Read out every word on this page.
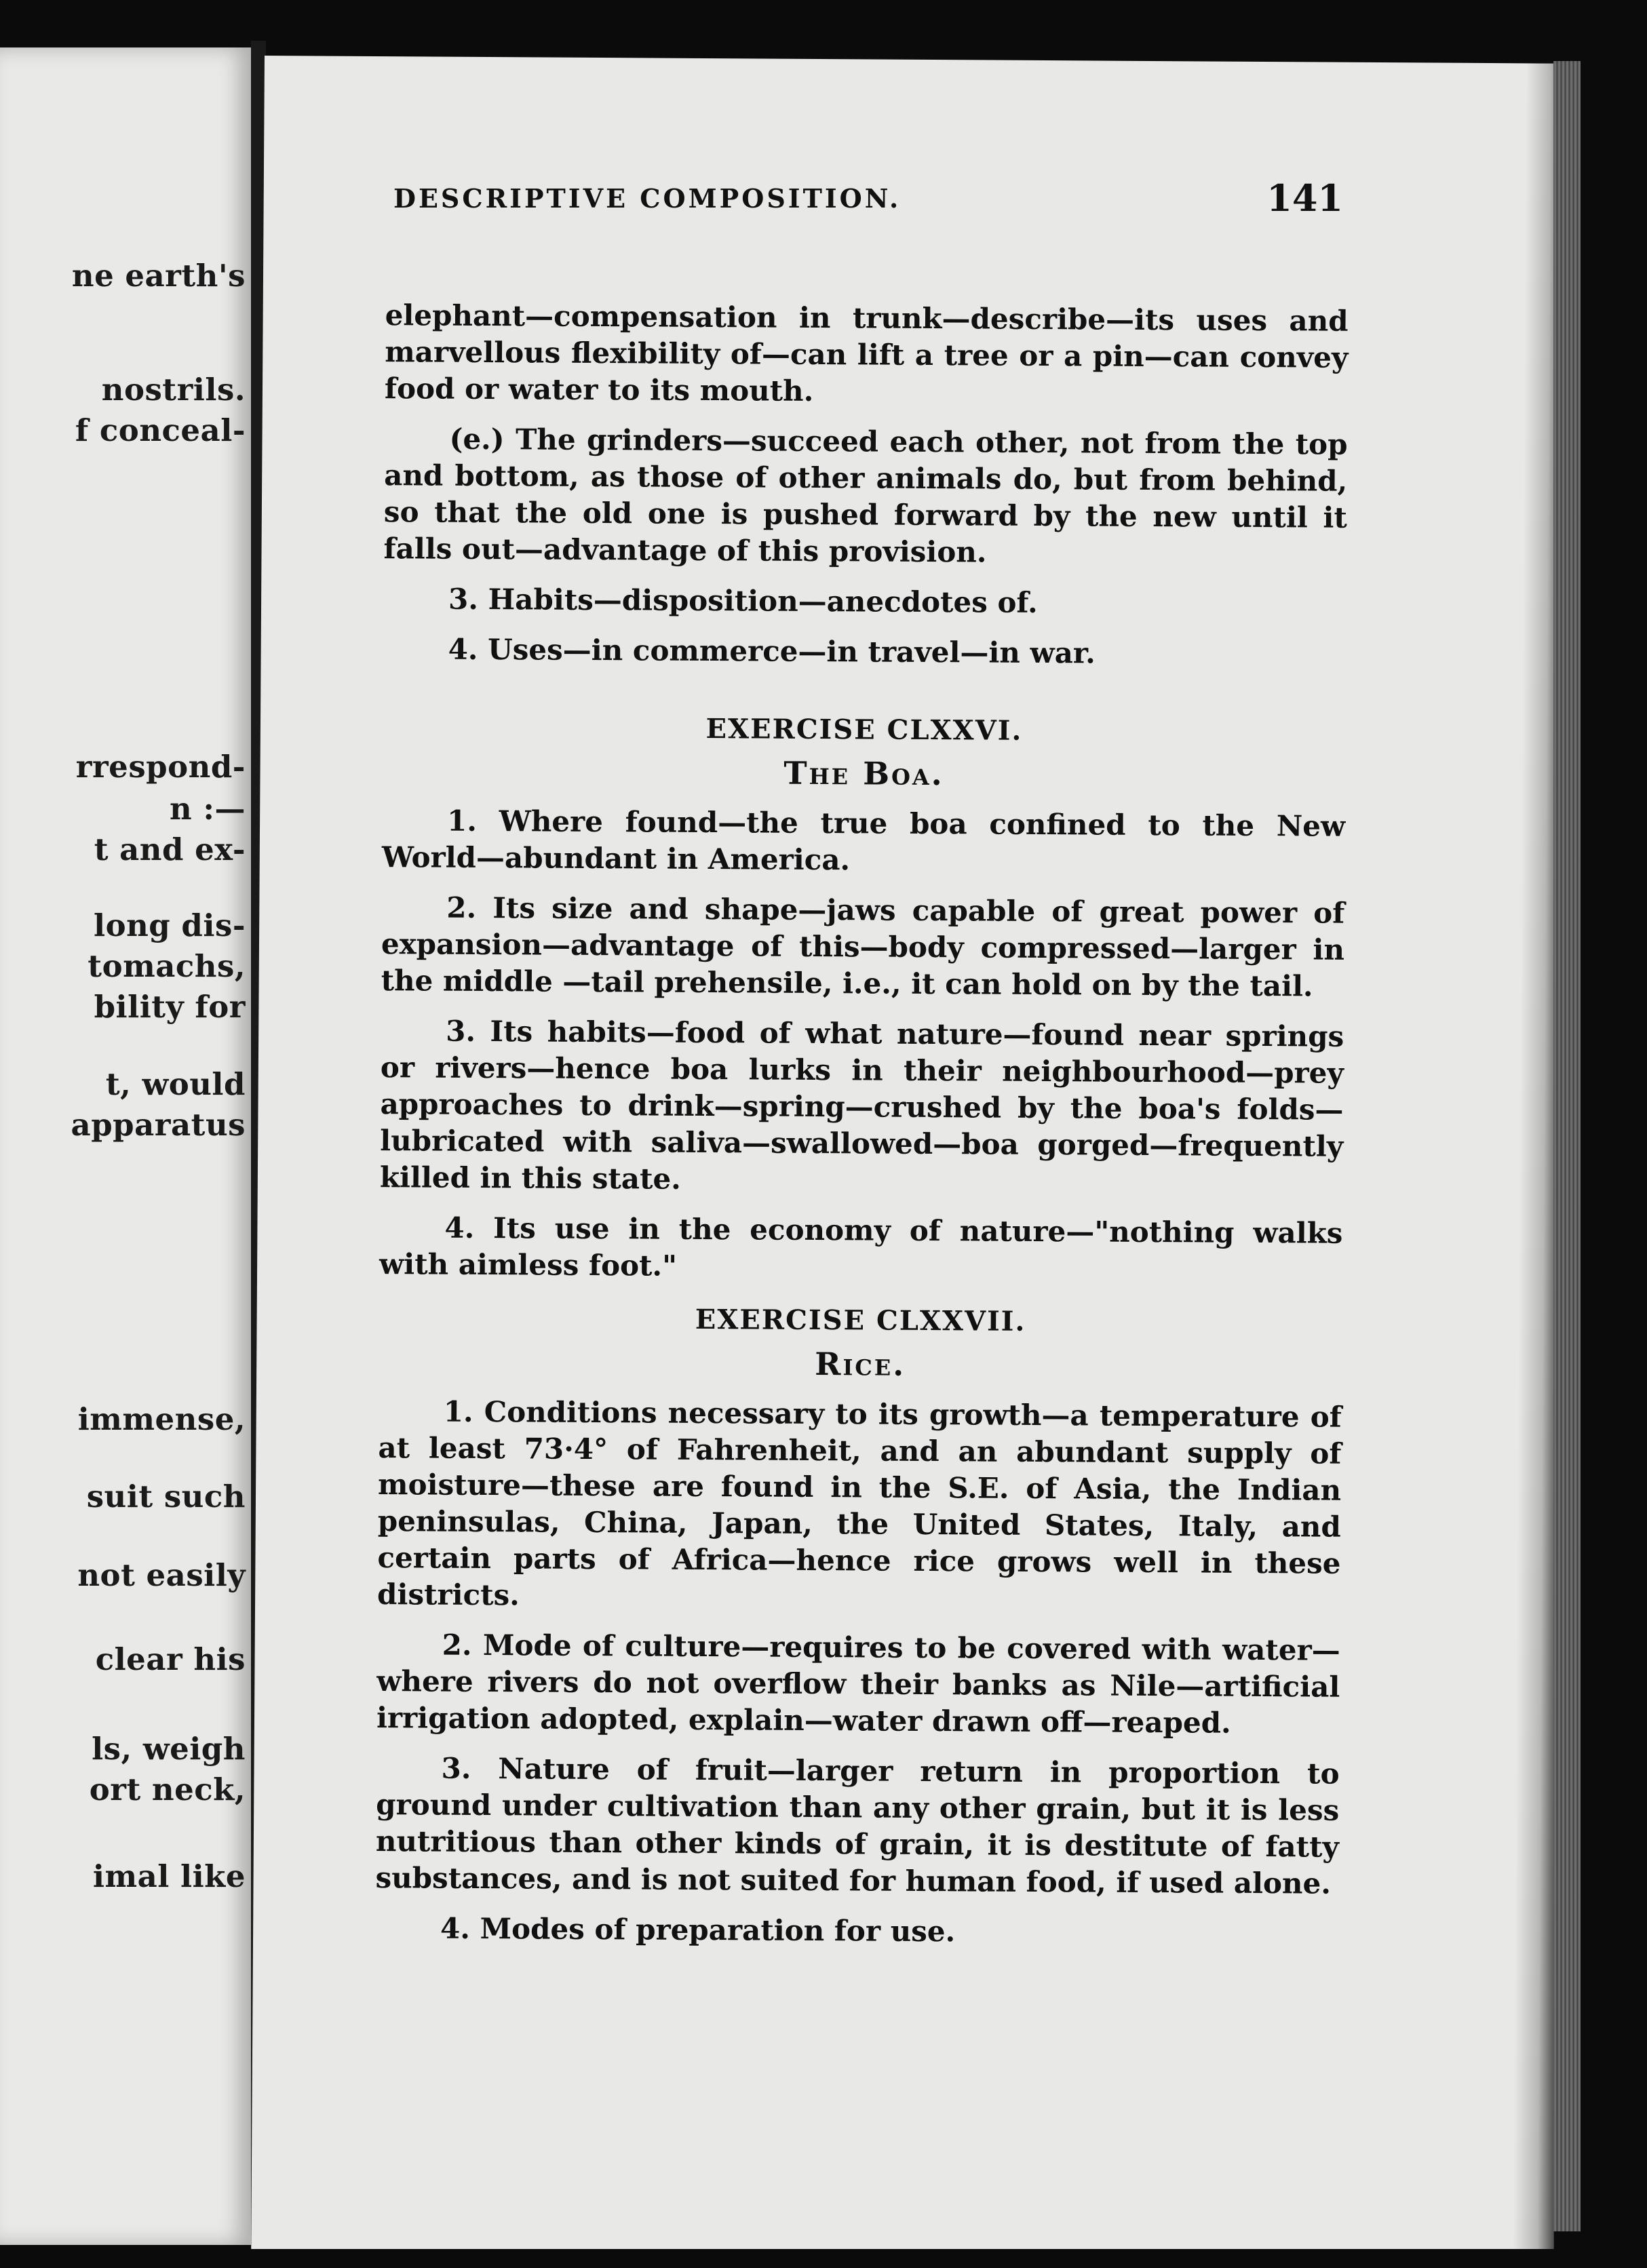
ne earth's
nostrils.
f conceal-
rrespond-
n :—
t and ex-
long dis-
tomachs,
bility for
t, would
apparatus
immense,
suit such
not easily
clear his
ls, weigh
ort neck,
imal like

elephant—compensation in trunk—describe—its uses and marvellous flexibility of—can lift a tree or a pin—can convey food or water to its mouth.

(e.) The grinders—succeed each other, not from the top and bottom, as those of other animals do, but from behind, so that the old one is pushed forward by the new until it falls out—advantage of this provision.

3. Habits—disposition—anecdotes of.

4. Uses—in commerce—in travel—in war.

EXERCISE CLXXVI.
The Boa.

1. Where found—the true boa confined to the New World—abundant in America.

2. Its size and shape—jaws capable of great power of expansion—advantage of this—body compressed—larger in the middle —tail prehensile, i.e., it can hold on by the tail.

3. Its habits—food of what nature—found near springs or rivers—hence boa lurks in their neighbourhood—prey approaches to drink—spring—crushed by the boa's folds—lubricated with saliva—swallowed—boa gorged—frequently killed in this state.

4. Its use in the economy of nature—"nothing walks with aimless foot."

EXERCISE CLXXVII.
Rice.

1. Conditions necessary to its growth—a temperature of at least 73·4° of Fahrenheit, and an abundant supply of moisture—these are found in the S.E. of Asia, the Indian peninsulas, China, Japan, the United States, Italy, and certain parts of Africa—hence rice grows well in these districts.

2. Mode of culture—requires to be covered with water—where rivers do not overflow their banks as Nile—artificial irrigation adopted, explain—water drawn off—reaped.

3. Nature of fruit—larger return in proportion to ground under cultivation than any other grain, but it is less nutritious than other kinds of grain, it is destitute of fatty substances, and is not suited for human food, if used alone.

4. Modes of preparation for use.

DESCRIPTIVE COMPOSITION.	141
